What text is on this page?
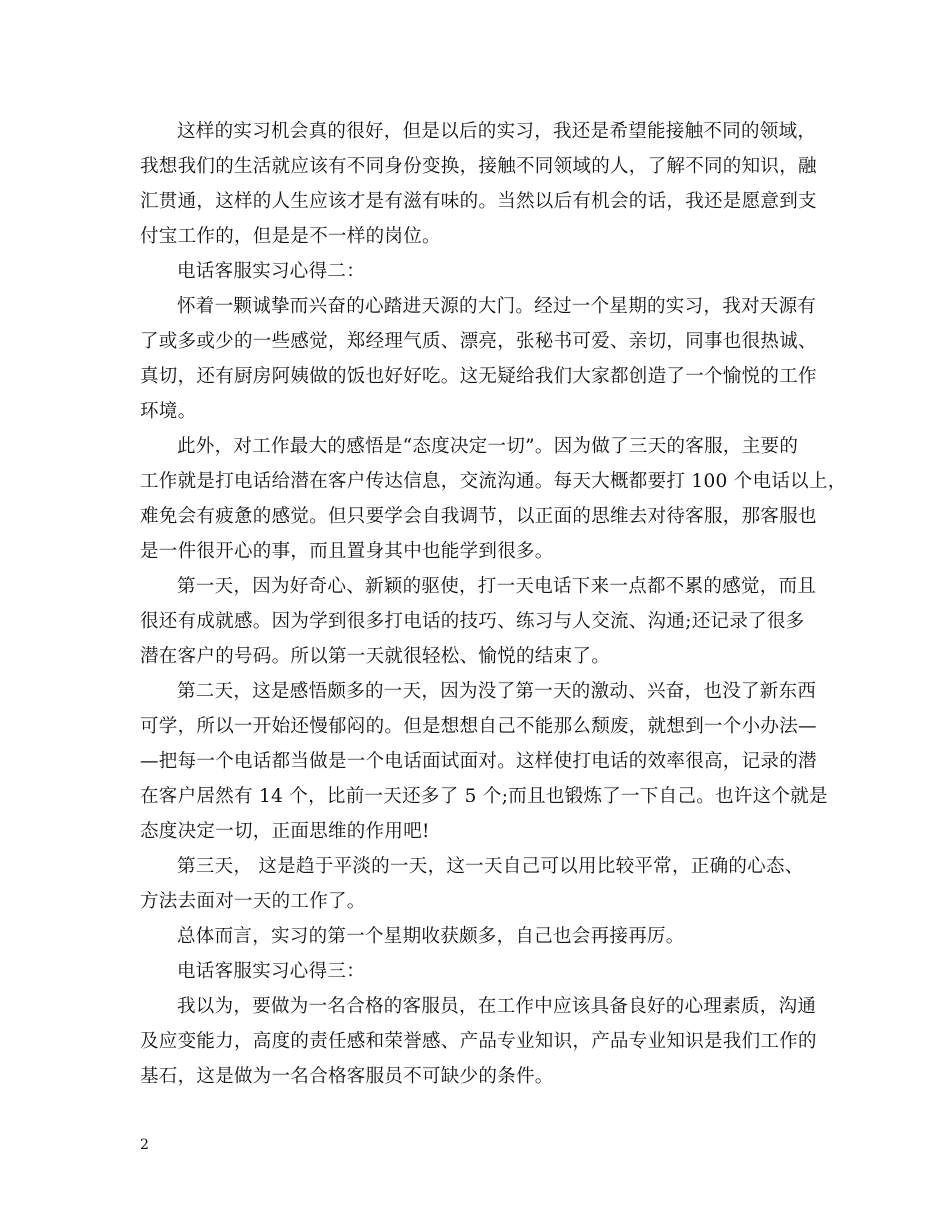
这样的实习机会真的很好，但是以后的实习，我还是希望能接触不同的领域，
我想我们的生活就应该有不同身份变换，接触不同领域的人，了解不同的知识，融
汇贯通，这样的人生应该才是有滋有味的。当然以后有机会的话，我还是愿意到支
付宝工作的，但是是不一样的岗位。
电话客服实习心得二：
怀着一颗诚挚而兴奋的心踏进天源的大门。经过一个星期的实习，我对天源有
了或多或少的一些感觉，郑经理气质、漂亮，张秘书可爱、亲切，同事也很热诚、
真切，还有厨房阿姨做的饭也好好吃。这无疑给我们大家都创造了一个愉悦的工作
环境。
此外，对工作最大的感悟是“态度决定一切”。因为做了三天的客服，主要的
工作就是打电话给潜在客户传达信息，交流沟通。每天大概都要打 100 个电话以上，
难免会有疲惫的感觉。但只要学会自我调节，以正面的思维去对待客服，那客服也
是一件很开心的事，而且置身其中也能学到很多。
第一天，因为好奇心、新颖的驱使，打一天电话下来一点都不累的感觉，而且
很还有成就感。因为学到很多打电话的技巧、练习与人交流、沟通;还记录了很多
潜在客户的号码。所以第一天就很轻松、愉悦的结束了。
第二天，这是感悟颇多的一天，因为没了第一天的激动、兴奋，也没了新东西
可学，所以一开始还慢郁闷的。但是想想自己不能那么颓废，就想到一个小办法—
—把每一个电话都当做是一个电话面试面对。这样使打电话的效率很高，记录的潜
在客户居然有 14 个，比前一天还多了 5 个;而且也锻炼了一下自己。也许这个就是
态度决定一切，正面思维的作用吧!
第三天， 这是趋于平淡的一天，这一天自己可以用比较平常，正确的心态、
方法去面对一天的工作了。
总体而言，实习的第一个星期收获颇多，自己也会再接再厉。
电话客服实习心得三：
我以为，要做为一名合格的客服员，在工作中应该具备良好的心理素质，沟通
及应变能力，高度的责任感和荣誉感、产品专业知识，产品专业知识是我们工作的
基石，这是做为一名合格客服员不可缺少的条件。
2
